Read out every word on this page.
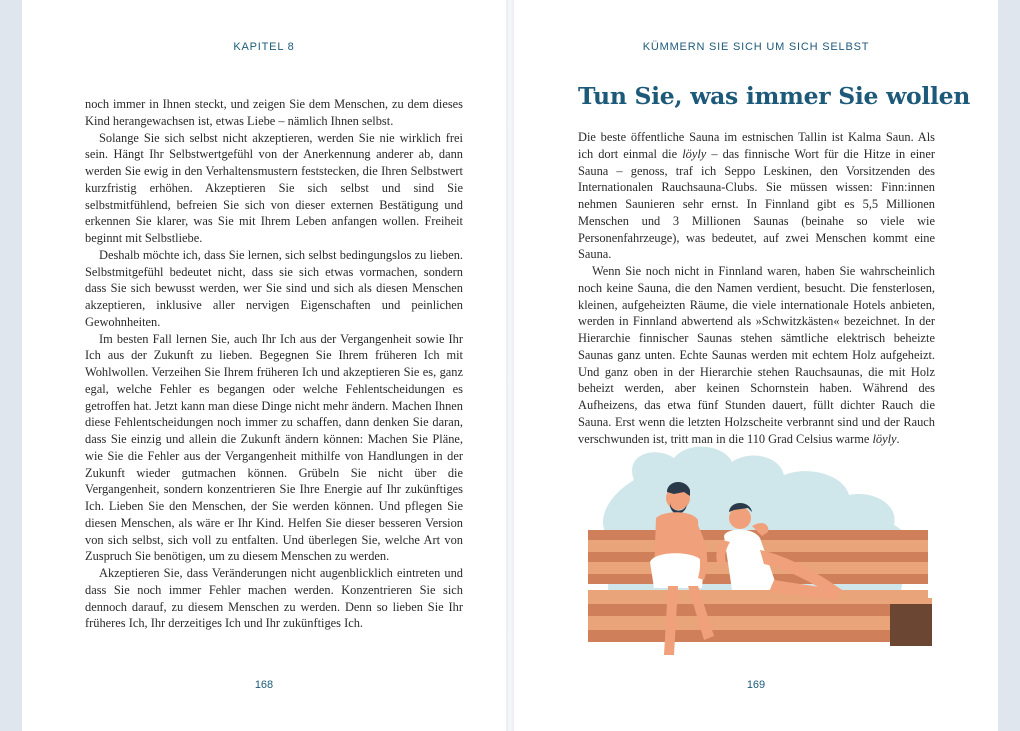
KAPITEL 8

noch immer in Ihnen steckt, und zeigen Sie dem Menschen, zu dem dieses Kind herangewachsen ist, etwas Liebe – nämlich Ihnen selbst.

Solange Sie sich selbst nicht akzeptieren, werden Sie nie wirklich frei sein. Hängt Ihr Selbstwertgefühl von der Anerkennung anderer ab, dann werden Sie ewig in den Verhaltensmustern feststecken, die Ihren Selbstwert kurzfristig erhöhen. Akzeptieren Sie sich selbst und sind Sie selbstmitfühlend, befreien Sie sich von dieser externen Bestätigung und erkennen Sie klarer, was Sie mit Ihrem Leben anfangen wollen. Freiheit beginnt mit Selbstliebe.

Deshalb möchte ich, dass Sie lernen, sich selbst bedingungslos zu lieben. Selbstmitgefühl bedeutet nicht, dass sie sich etwas vormachen, sondern dass Sie sich bewusst werden, wer Sie sind und sich als diesen Menschen akzeptieren, inklusive aller nervigen Eigenschaften und peinlichen Gewohnheiten.

Im besten Fall lernen Sie, auch Ihr Ich aus der Vergangenheit sowie Ihr Ich aus der Zukunft zu lieben. Begegnen Sie Ihrem früheren Ich mit Wohlwollen. Verzeihen Sie Ihrem früheren Ich und akzeptieren Sie es, ganz egal, welche Fehler es begangen oder welche Fehlentscheidungen es getroffen hat. Jetzt kann man diese Dinge nicht mehr ändern. Machen Ihnen diese Fehlentscheidungen noch immer zu schaffen, dann denken Sie daran, dass Sie einzig und allein die Zukunft ändern können: Machen Sie Pläne, wie Sie die Fehler aus der Vergangenheit mithilfe von Handlungen in der Zukunft wieder gutmachen können. Grübeln Sie nicht über die Vergangenheit, sondern konzentrieren Sie Ihre Energie auf Ihr zukünftiges Ich. Lieben Sie den Menschen, der Sie werden können. Und pflegen Sie diesen Menschen, als wäre er Ihr Kind. Helfen Sie dieser besseren Version von sich selbst, sich voll zu entfalten. Und überlegen Sie, welche Art von Zuspruch Sie benötigen, um zu diesem Menschen zu werden.

Akzeptieren Sie, dass Veränderungen nicht augenblicklich eintreten und dass Sie noch immer Fehler machen werden. Konzentrieren Sie sich dennoch darauf, zu diesem Menschen zu werden. Denn so lieben Sie Ihr früheres Ich, Ihr derzeitiges Ich und Ihr zukünftiges Ich.

168
KÜMMERN SIE SICH UM SICH SELBST
Tun Sie, was immer Sie wollen

Die beste öffentliche Sauna im estnischen Tallin ist Kalma Saun. Als ich dort einmal die löyly – das finnische Wort für die Hitze in einer Sauna – genoss, traf ich Seppo Leskinen, den Vorsitzenden des Internationalen Rauchsauna-Clubs. Sie müssen wissen: Finn:innen nehmen Saunieren sehr ernst. In Finnland gibt es 5,5 Millionen Menschen und 3 Millionen Saunas (beinahe so viele wie Personenfahrzeuge), was bedeutet, auf zwei Menschen kommt eine Sauna.

Wenn Sie noch nicht in Finnland waren, haben Sie wahrscheinlich noch keine Sauna, die den Namen verdient, besucht. Die fensterlosen, kleinen, aufgeheizten Räume, die viele internationale Hotels anbieten, werden in Finnland abwertend als »Schwitzkästen« bezeichnet. In der Hierarchie finnischer Saunas stehen sämtliche elektrisch beheizte Saunas ganz unten. Echte Saunas werden mit echtem Holz aufgeheizt. Und ganz oben in der Hierarchie stehen Rauchsaunas, die mit Holz beheizt werden, aber keinen Schornstein haben. Während des Aufheizens, das etwa fünf Stunden dauert, füllt dichter Rauch die Sauna. Erst wenn die letzten Holzscheite verbrannt sind und der Rauch verschwunden ist, tritt man in die 110 Grad Celsius warme löyly.

169
